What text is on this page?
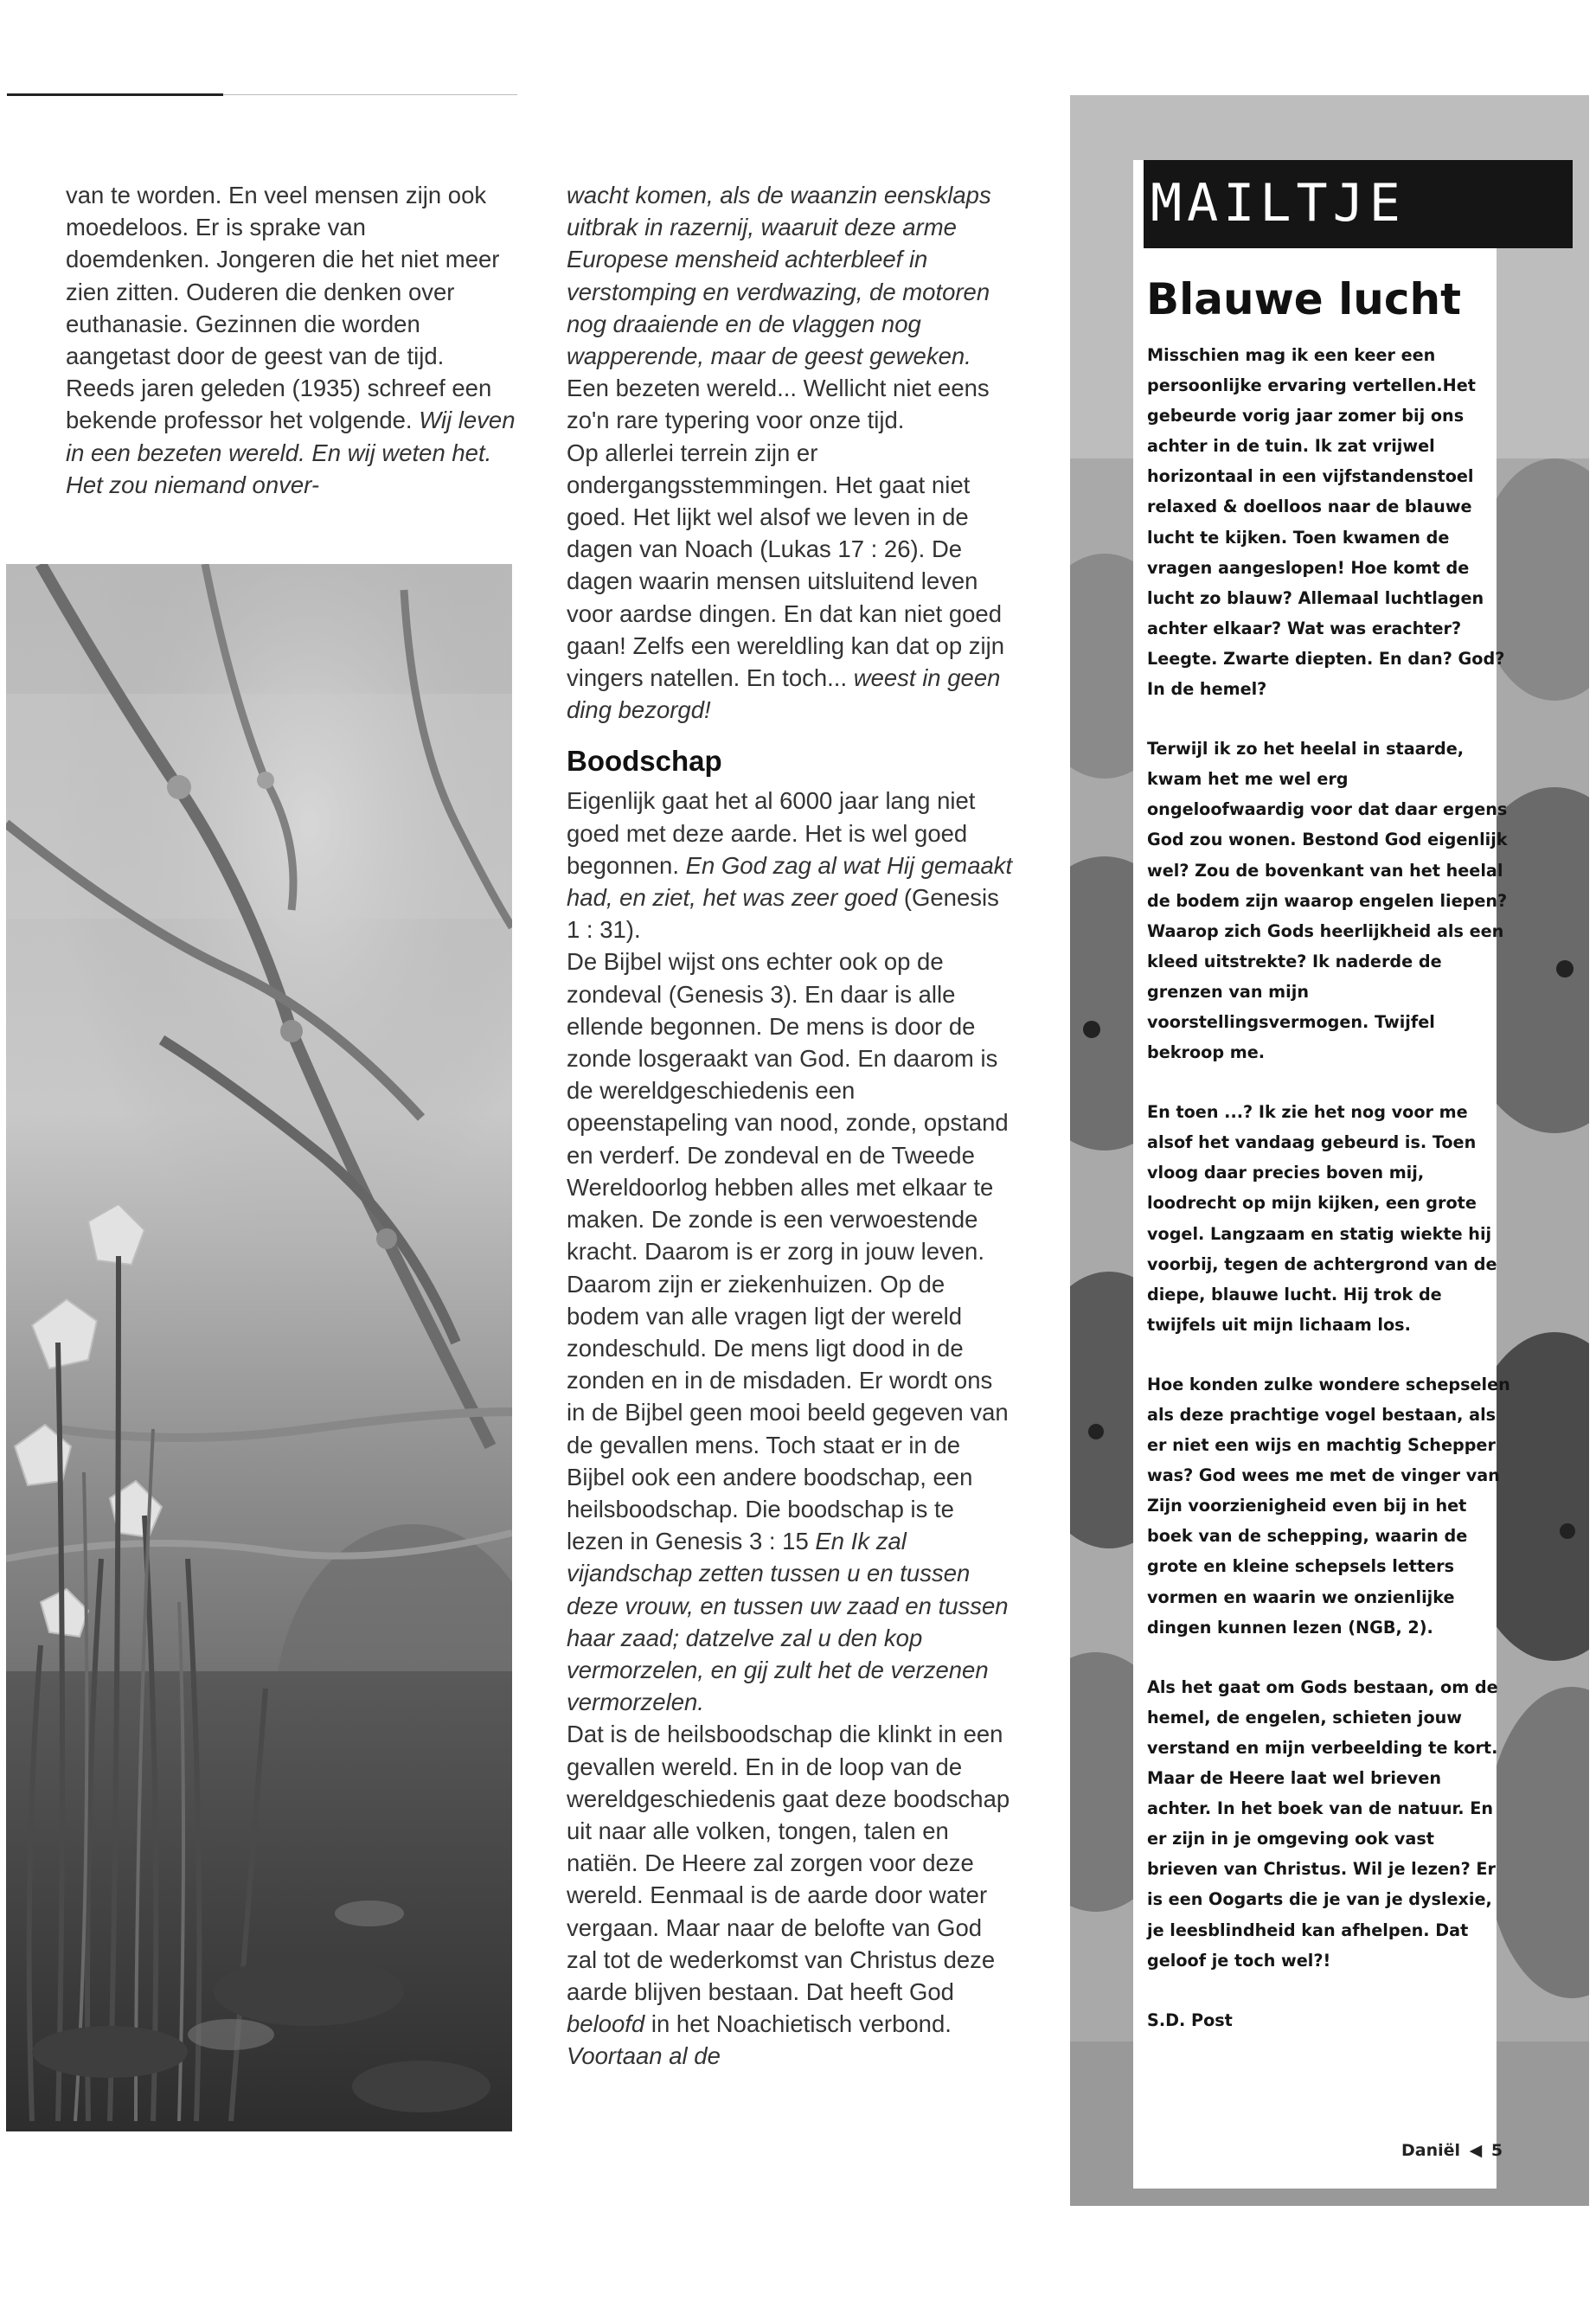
van te worden. En veel mensen zijn ook moedeloos. Er is sprake van doemdenken. Jongeren die het niet meer zien zitten. Ouderen die denken over euthanasie. Gezinnen die worden aangetast door de geest van de tijd. Reeds jaren geleden (1935) schreef een bekende professor het volgende. Wij leven in een bezeten wereld. En wij weten het. Het zou niemand onver-

wacht komen, als de waanzin eensklaps uitbrak in razernij, waaruit deze arme Europese mensheid achterbleef in verstomping en verdwazing, de motoren nog draaiende en de vlaggen nog wapperende, maar de geest geweken. Een bezeten wereld... Wellicht niet eens zo'n rare typering voor onze tijd.

Op allerlei terrein zijn er ondergangsstemmingen. Het gaat niet goed. Het lijkt wel alsof we leven in de dagen van Noach (Lukas 17 : 26). De dagen waarin mensen uitsluitend leven voor aardse dingen. En dat kan niet goed gaan! Zelfs een wereldling kan dat op zijn vingers natellen. En toch... weest in geen ding bezorgd!

Boodschap

Eigenlijk gaat het al 6000 jaar lang niet goed met deze aarde. Het is wel goed begonnen. En God zag al wat Hij gemaakt had, en ziet, het was zeer goed (Genesis 1 : 31).

De Bijbel wijst ons echter ook op de zondeval (Genesis 3). En daar is alle ellende begonnen. De mens is door de zonde losgeraakt van God. En daarom is de wereldgeschiedenis een opeenstapeling van nood, zonde, opstand en verderf. De zondeval en de Tweede Wereldoorlog hebben alles met elkaar te maken. De zonde is een verwoestende kracht. Daarom is er zorg in jouw leven. Daarom zijn er ziekenhuizen. Op de bodem van alle vragen ligt der wereld zondeschuld. De mens ligt dood in de zonden en in de misdaden. Er wordt ons in de Bijbel geen mooi beeld gegeven van de gevallen mens. Toch staat er in de Bijbel ook een andere boodschap, een heilsboodschap. Die boodschap is te lezen in Genesis 3 : 15 En Ik zal vijandschap zetten tussen u en tussen deze vrouw, en tussen uw zaad en tussen haar zaad; datzelve zal u den kop vermorzelen, en gij zult het de verzenen vermorzelen.

Dat is de heilsboodschap die klinkt in een gevallen wereld. En in de loop van de wereldgeschiedenis gaat deze boodschap uit naar alle volken, tongen, talen en natiën. De Heere zal zorgen voor deze wereld. Eenmaal is de aarde door water vergaan. Maar naar de belofte van God zal tot de wederkomst van Christus deze aarde blijven bestaan. Dat heeft God beloofd in het Noachietisch verbond. Voortaan al de

MAILTJE
Blauwe lucht

Misschien mag ik een keer een persoonlijke ervaring vertellen.Het gebeurde vorig jaar zomer bij ons achter in de tuin. Ik zat vrijwel horizontaal in een vijfstandenstoel relaxed & doelloos naar de blauwe lucht te kijken. Toen kwamen de vragen aangeslopen! Hoe komt de lucht zo blauw? Allemaal luchtlagen achter elkaar? Wat was erachter? Leegte. Zwarte diepten. En dan? God? In de hemel?

Terwijl ik zo het heelal in staarde, kwam het me wel erg ongeloofwaardig voor dat daar ergens God zou wonen. Bestond God eigenlijk wel? Zou de bovenkant van het heelal de bodem zijn waarop engelen liepen? Waarop zich Gods heerlijkheid als een kleed uitstrekte? Ik naderde de grenzen van mijn voorstellingsvermogen. Twijfel bekroop me.

En toen ...? Ik zie het nog voor me alsof het vandaag gebeurd is. Toen vloog daar precies boven mij, loodrecht op mijn kijken, een grote vogel. Langzaam en statig wiekte hij voorbij, tegen de achtergrond van de diepe, blauwe lucht. Hij trok de twijfels uit mijn lichaam los.

Hoe konden zulke wondere schepselen als deze prachtige vogel bestaan, als er niet een wijs en machtig Schepper was? God wees me met de vinger van Zijn voorzienigheid even bij in het boek van de schepping, waarin de grote en kleine schepsels letters vormen en waarin we onzienlijke dingen kunnen lezen (NGB, 2).

Als het gaat om Gods bestaan, om de hemel, de engelen, schieten jouw verstand en mijn verbeelding te kort. Maar de Heere laat wel brieven achter. In het boek van de natuur. En er zijn in je omgeving ook vast brieven van Christus. Wil je lezen? Er is een Oogarts die je van je dyslexie, je leesblindheid kan afhelpen. Dat geloof je toch wel?!

S.D. Post

Daniël ◀ 5
